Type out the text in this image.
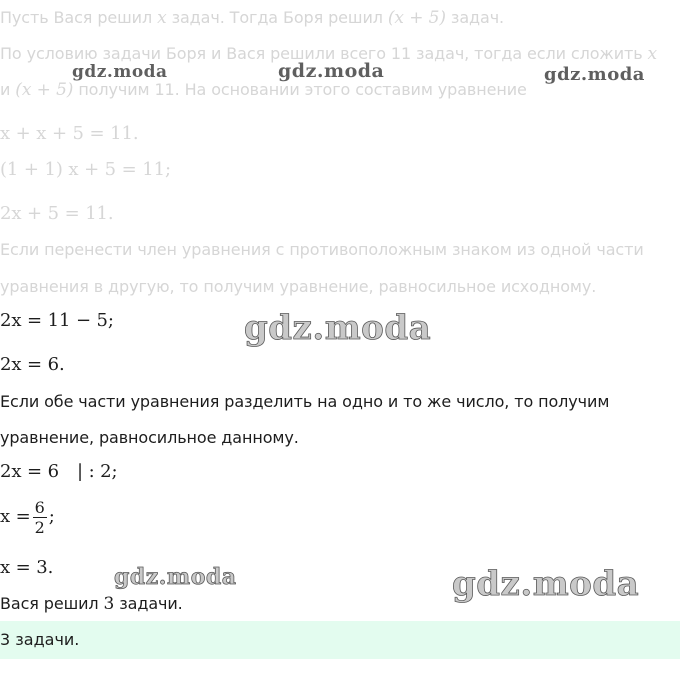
Пусть Вася решил x задач. Тогда Боря решил (x + 5) задач.
По условию задачи Боря и Вася решили всего 11 задач, тогда если сложить x
и (x + 5) получим 11. На основании этого составим уравнение
x + x + 5 = 11.
(1 + 1) x + 5 = 11;
2x + 5 = 11.
Если перенести член уравнения с противоположным знаком из одной части
уравнения в другую, то получим уравнение, равносильное исходному.
2x = 11 − 5;
2x = 6.
Если обе части уравнения разделить на одно и то же число, то получим
уравнение, равносильное данному.
2x = 6 | : 2;
$x = \frac{6}{2}$ ;
x = 3.
Вася решил 3 задачи.
3 задачи.
gdz.moda	gdz.moda	gdz.moda
gdz.moda
gdz.moda	gdz.moda
